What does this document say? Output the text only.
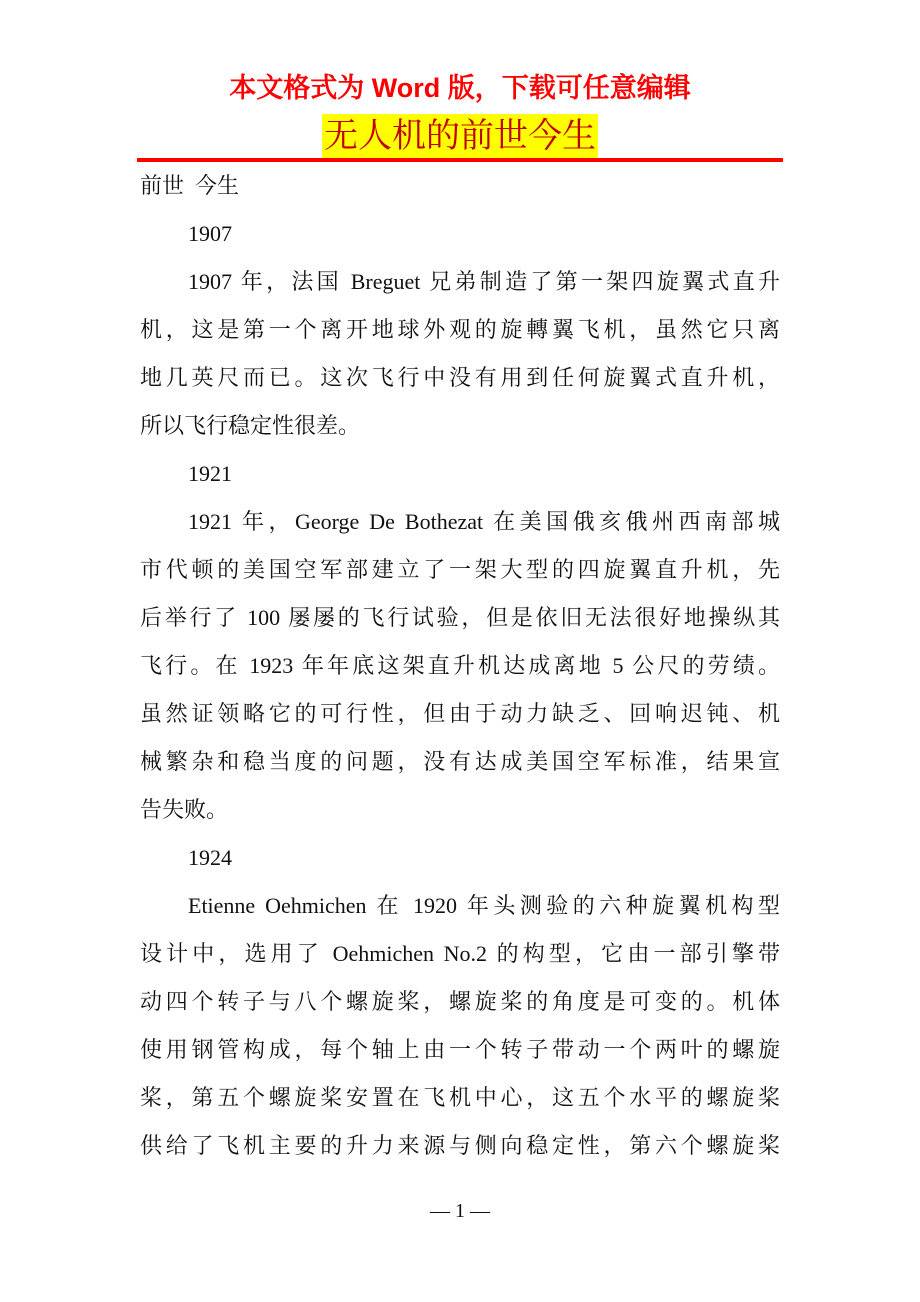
本文格式为 Word 版，下载可任意编辑
无人机的前世今生
前世  今生
1907
1907 年，法国 Breguet 兄弟制造了第一架四旋翼式直升
机，这是第一个离开地球外观的旋轉翼飞机，虽然它只离
地几英尺而已。这次飞行中没有用到任何旋翼式直升机，
所以飞行稳定性很差。
1921
1921 年，George De Bothezat 在美国俄亥俄州西南部城
市代顿的美国空军部建立了一架大型的四旋翼直升机，先
后举行了 100 屡屡的飞行试验，但是依旧无法很好地操纵其
飞行。在 1923 年年底这架直升机达成离地 5 公尺的劳绩。
虽然证领略它的可行性，但由于动力缺乏、回响迟钝、机
械繁杂和稳当度的问题，没有达成美国空军标准，结果宣
告失败。
1924
Etienne Oehmichen 在 1920 年头测验的六种旋翼机构型
设计中，选用了 Oehmichen No.2 的构型，它由一部引擎带
动四个转子与八个螺旋桨，螺旋桨的角度是可变的。机体
使用钢管构成，每个轴上由一个转子带动一个两叶的螺旋
桨，第五个螺旋桨安置在飞机中心，这五个水平的螺旋桨
供给了飞机主要的升力来源与侧向稳定性，第六个螺旋桨
— 1 —
